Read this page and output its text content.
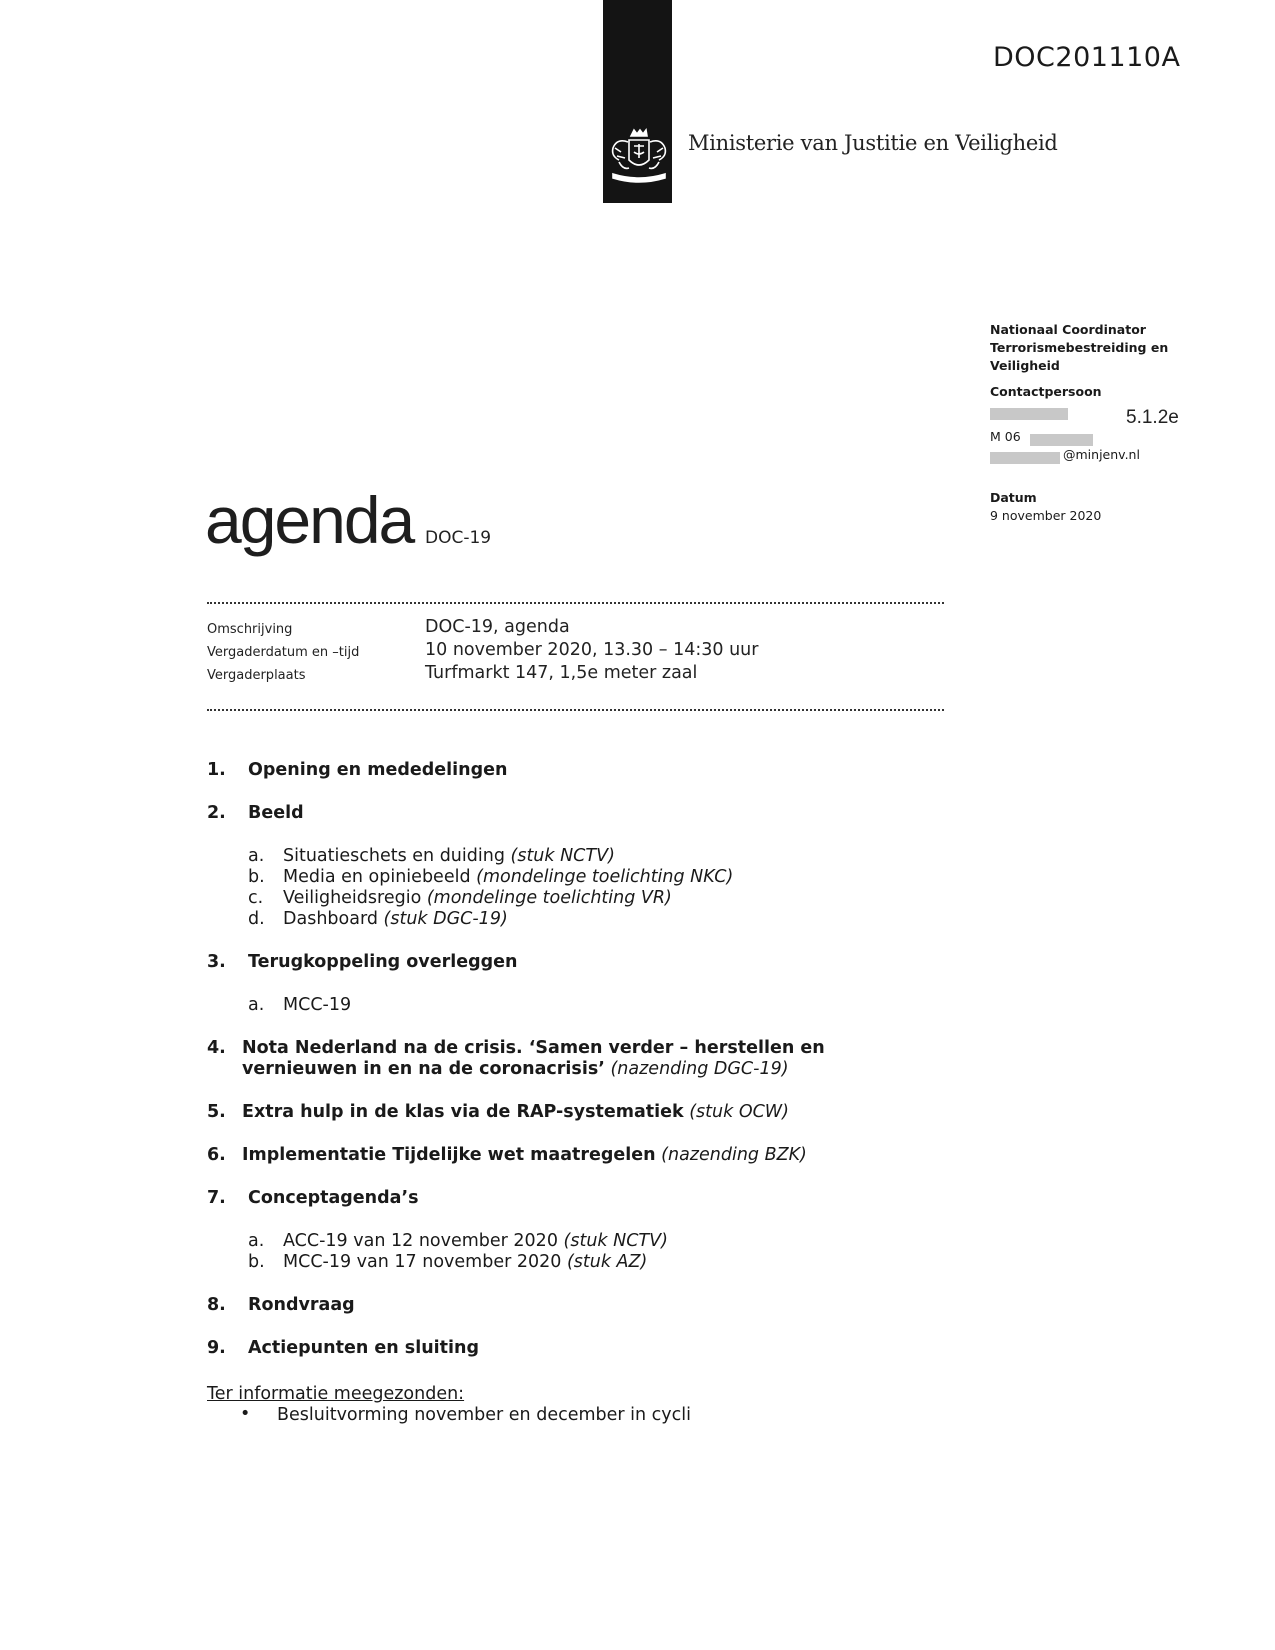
Ministerie van Justitie en Veiligheid
DOC201110A
Nationaal Coordinator Terrorismebestreiding en Veiligheid
Contactpersoon
5.1.2e
M 06
@minjenv.nl
Datum
9 november 2020
agenda DOC-19
Omschrijving	DOC-19, agenda
Vergaderdatum en –tijd	10 november 2020, 13.30 – 14:30 uur
Vergaderplaats	Turfmarkt 147, 1,5e meter zaal
1. Opening en mededelingen
2. Beeld
a. Situatieschets en duiding (stuk NCTV)
b. Media en opiniebeeld (mondelinge toelichting NKC)
c. Veiligheidsregio (mondelinge toelichting VR)
d. Dashboard (stuk DGC-19)
3. Terugkoppeling overleggen
a. MCC-19
4. Nota Nederland na de crisis. ‘Samen verder – herstellen en
vernieuwen in en na de coronacrisis’ (nazending DGC-19)
5. Extra hulp in de klas via de RAP-systematiek (stuk OCW)
6. Implementatie Tijdelijke wet maatregelen (nazending BZK)
7. Conceptagenda’s
a. ACC-19 van 12 november 2020 (stuk NCTV)
b. MCC-19 van 17 november 2020 (stuk AZ)
8. Rondvraag
9. Actiepunten en sluiting
Ter informatie meegezonden:
• Besluitvorming november en december in cycli
